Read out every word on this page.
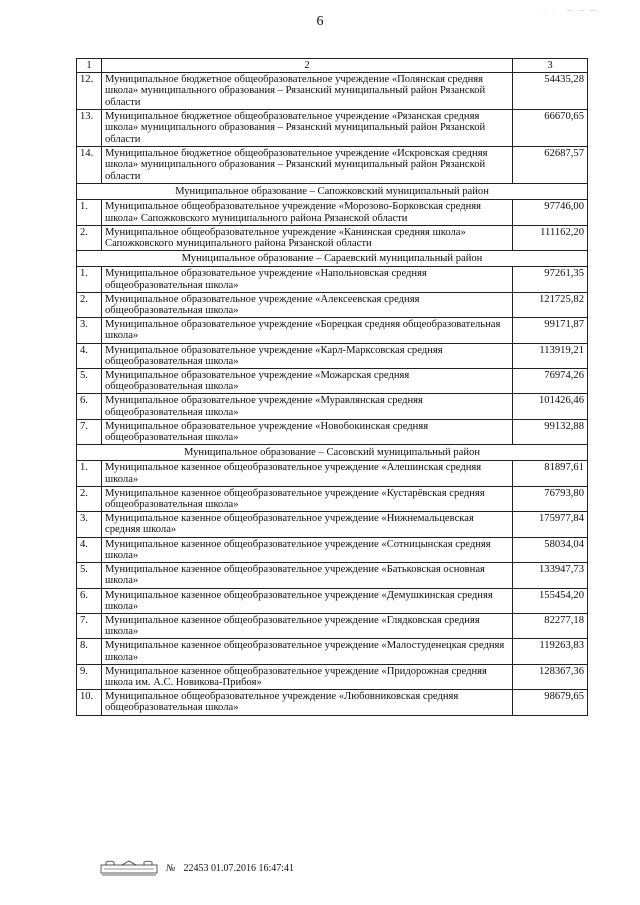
6
· · ·   — — —
1	2	3
12.	Муниципальное бюджетное общеобразовательное учреждение «Полянская средняя школа» муниципального образования – Рязанский муниципальный район Рязанской области	54435,28
13.	Муниципальное бюджетное общеобразовательное учреждение «Рязанская средняя школа» муниципального образования – Рязанский муниципальный район Рязанской области	66670,65
14.	Муниципальное бюджетное общеобразовательное учреждение «Искровская средняя школа» муниципального образования – Рязанский муниципальный район Рязанской области	62687,57
Муниципальное образование – Сапожковский муниципальный район		
1.	Муниципальное общеобразовательное учреждение «Морозово-Борковская средняя школа» Сапожковского муниципального района Рязанской области	97746,00
2.	Муниципальное общеобразовательное учреждение «Канинская средняя школа» Сапожковского муниципального района Рязанской области	111162,20
Муниципальное образование – Сараевский муниципальный район		
1.	Муниципальное образовательное учреждение «Напольновская средняя общеобразовательная школа»	97261,35
2.	Муниципальное образовательное учреждение «Алексеевская средняя общеобразовательная школа»	121725,82
3.	Муниципальное образовательное учреждение «Борецкая средняя общеобразовательная школа»	99171,87
4.	Муниципальное образовательное учреждение «Карл-Марксовская средняя общеобразовательная школа»	113919,21
5.	Муниципальное образовательное учреждение «Можарская средняя общеобразовательная школа»	76974,26
6.	Муниципальное образовательное учреждение «Муравлянская средняя общеобразовательная школа»	101426,46
7.	Муниципальное образовательное учреждение «Новобокинская средняя общеобразовательная школа»	99132,88
Муниципальное образование – Сасовский муниципальный район		
1.	Муниципальное казенное общеобразовательное учреждение «Алешинская средняя школа»	81897,61
2.	Муниципальное казенное общеобразовательное учреждение «Кустарёвская средняя общеобразовательная школа»	76793,80
3.	Муниципальное казенное общеобразовательное учреждение «Нижнемальцевская средняя школа»	175977,84
4.	Муниципальное казенное общеобразовательное учреждение «Сотницынская средняя школа»	58034,04
5.	Муниципальное казенное общеобразовательное учреждение «Батьковская основная школа»	133947,73
6.	Муниципальное казенное общеобразовательное учреждение «Демушкинская средняя школа»	155454,20
7.	Муниципальное казенное общеобразовательное учреждение «Глядковская средняя школа»	82277,18
8.	Муниципальное казенное общеобразовательное учреждение «Малостуденецкая средняя школа»	119263,83
9.	Муниципальное казенное общеобразовательное учреждение «Придорожная средняя школа им. А.С. Новикова-Прибоя»	128367,36
10.	Муниципальное общеобразовательное учреждение «Любовниковская средняя общеобразовательная школа»	98679,65
№ 22453 01.07.2016 16:47:41
